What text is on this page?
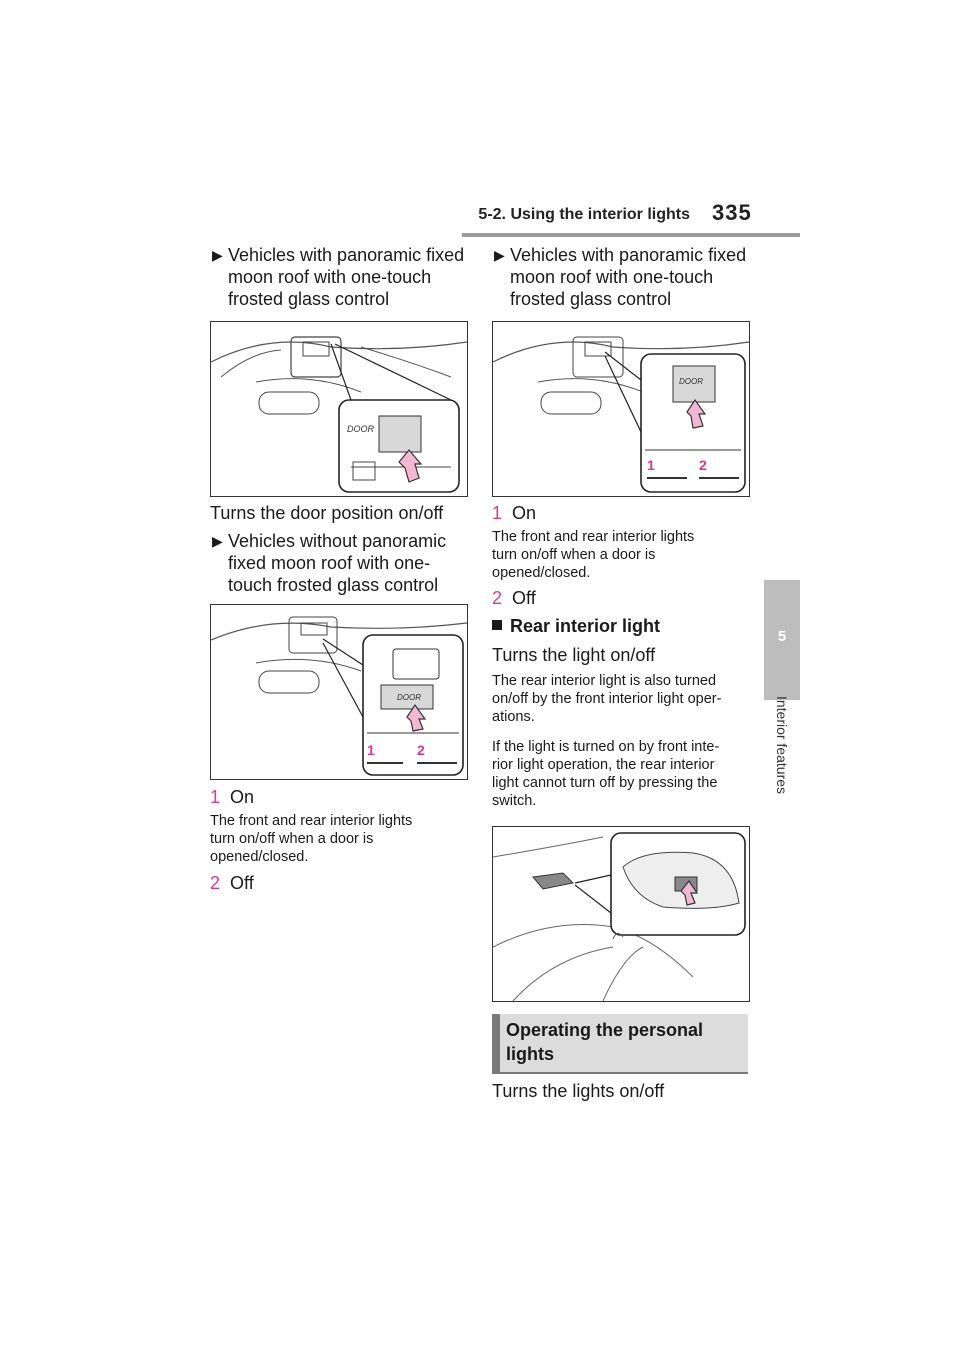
5-2. Using the interior lights 335
5
Interior features
▶ Vehicles with panoramic fixed
moon roof with one-touch
frosted glass control
DOOR
Turns the door position on/off
▶ Vehicles without panoramic
fixed moon roof with one-
touch frosted glass control
DOOR
1	2
1 On
The front and rear interior lights
turn on/off when a door is
opened/closed.
2 Off
▶ Vehicles with panoramic fixed
moon roof with one-touch
frosted glass control
DOOR
1	2
1 On
The front and rear interior lights
turn on/off when a door is
opened/closed.
2 Off
Rear interior light
Turns the light on/off
The rear interior light is also turned
on/off by the front interior light oper-
ations.
If the light is turned on by front inte-
rior light operation, the rear interior
light cannot turn off by pressing the
switch.
Operating the personal
lights
Turns the lights on/off
